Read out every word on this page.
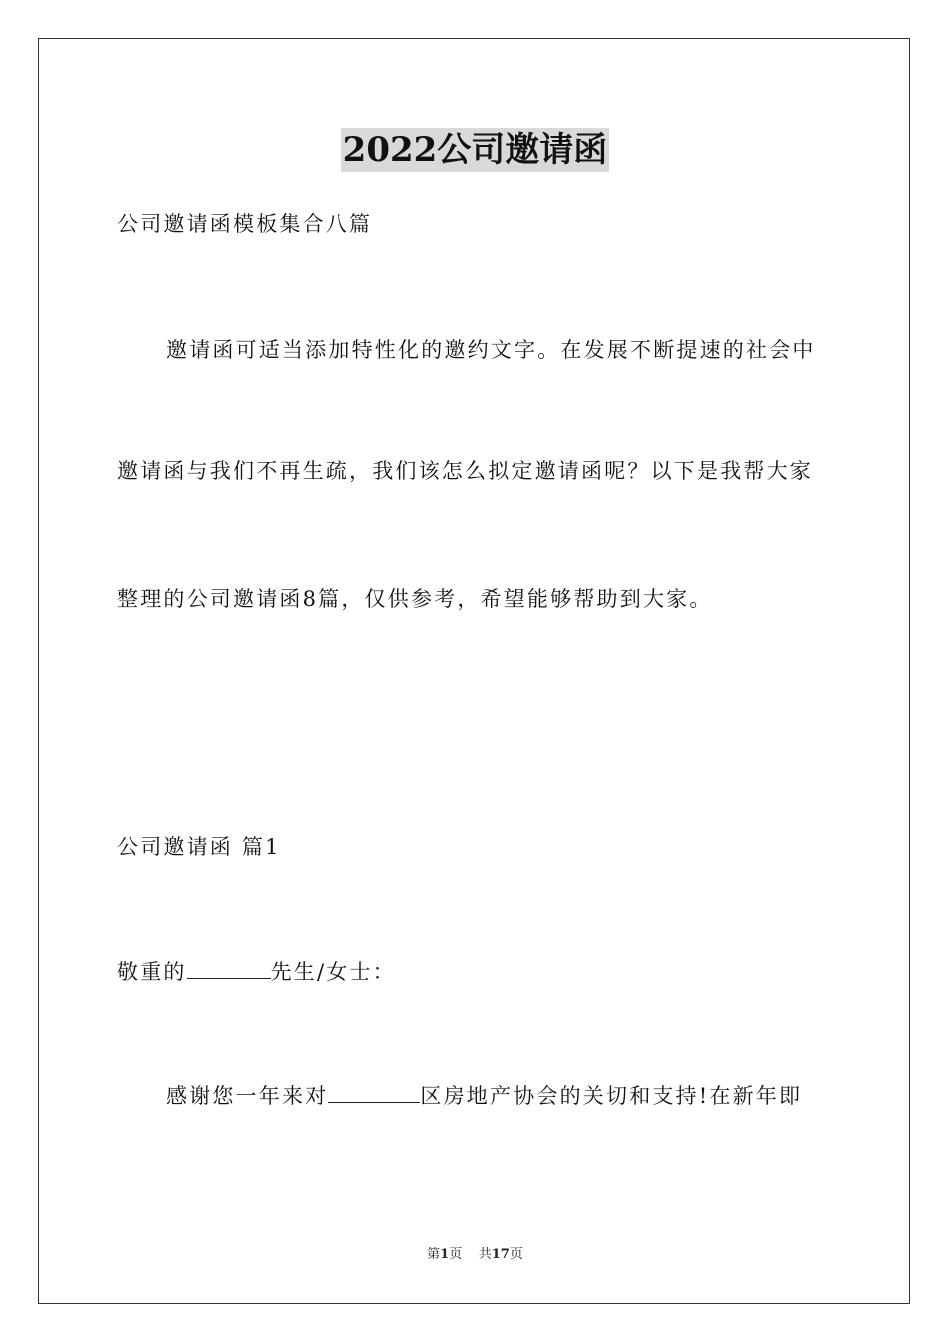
2022公司邀请函
公司邀请函模板集合八篇
邀请函可适当添加特性化的邀约文字。在发展不断提速的社会中
邀请函与我们不再生疏，我们该怎么拟定邀请函呢？以下是我帮大家
整理的公司邀请函8篇，仅供参考，希望能够帮助到大家。
公司邀请函 篇1
敬重的	先生/女士：
感谢您一年来对	区房地产协会的关切和支持!在新年即
第1页 共17页
